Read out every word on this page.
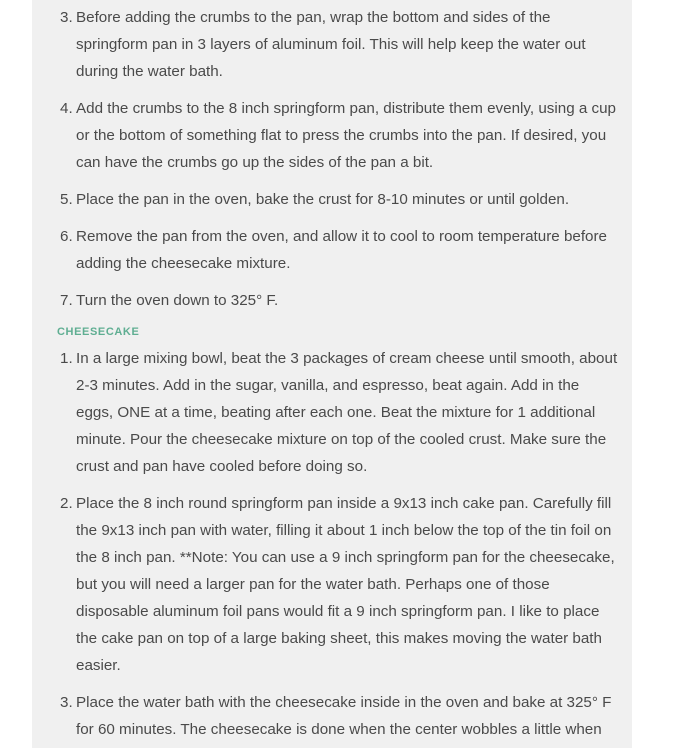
3. Before adding the crumbs to the pan, wrap the bottom and sides of the springform pan in 3 layers of aluminum foil. This will help keep the water out during the water bath.
4. Add the crumbs to the 8 inch springform pan, distribute them evenly, using a cup or the bottom of something flat to press the crumbs into the pan. If desired, you can have the crumbs go up the sides of the pan a bit.
5. Place the pan in the oven, bake the crust for 8-10 minutes or until golden.
6. Remove the pan from the oven, and allow it to cool to room temperature before adding the cheesecake mixture.
7. Turn the oven down to 325° F.
CHEESECAKE
1. In a large mixing bowl, beat the 3 packages of cream cheese until smooth, about 2-3 minutes. Add in the sugar, vanilla, and espresso, beat again. Add in the eggs, ONE at a time, beating after each one. Beat the mixture for 1 additional minute. Pour the cheesecake mixture on top of the cooled crust. Make sure the crust and pan have cooled before doing so.
2. Place the 8 inch round springform pan inside a 9x13 inch cake pan. Carefully fill the 9x13 inch pan with water, filling it about 1 inch below the top of the tin foil on the 8 inch pan. **Note: You can use a 9 inch springform pan for the cheesecake, but you will need a larger pan for the water bath. Perhaps one of those disposable aluminum foil pans would fit a 9 inch springform pan. I like to place the cake pan on top of a large baking sheet, this makes moving the water bath easier.
3. Place the water bath with the cheesecake inside in the oven and bake at 325° F for 60 minutes. The cheesecake is done when the center wobbles a little when
